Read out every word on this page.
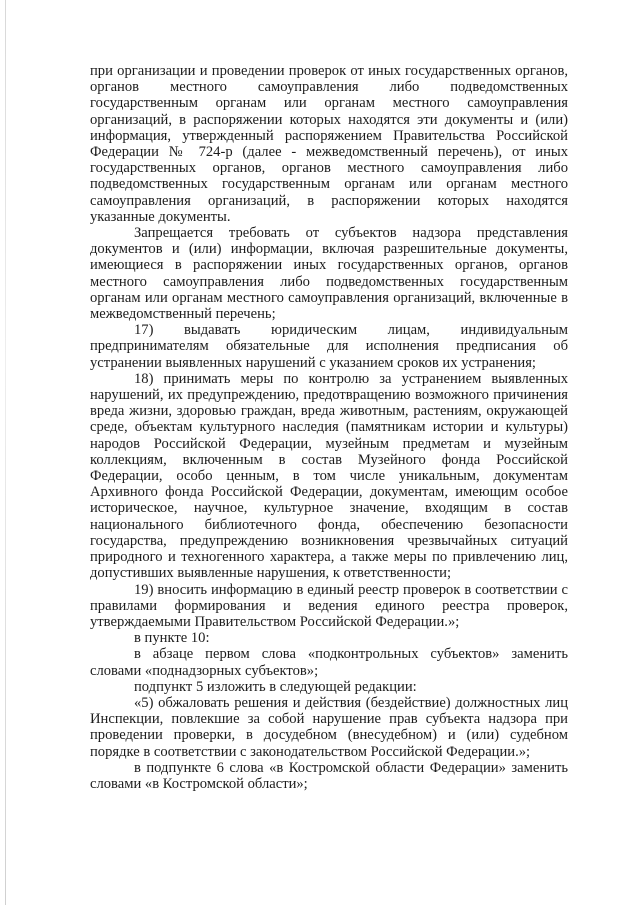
при организации и проведении проверок от иных государственных органов, органов местного самоуправления либо подведомственных государственным органам или органам местного самоуправления организаций, в распоряжении которых находятся эти документы и (или) информация, утвержденный распоряжением Правительства Российской Федерации № 724-р (далее - межведомственный перечень), от иных государственных органов, органов местного самоуправления либо подведомственных государственным органам или органам местного самоуправления организаций, в распоряжении которых находятся указанные документы.

Запрещается требовать от субъектов надзора представления документов и (или) информации, включая разрешительные документы, имеющиеся в распоряжении иных государственных органов, органов местного самоуправления либо подведомственных государственным органам или органам местного самоуправления организаций, включенные в межведомственный перечень;

17) выдавать юридическим лицам, индивидуальным предпринимателям обязательные для исполнения предписания об устранении выявленных нарушений с указанием сроков их устранения;

18) принимать меры по контролю за устранением выявленных нарушений, их предупреждению, предотвращению возможного причинения вреда жизни, здоровью граждан, вреда животным, растениям, окружающей среде, объектам культурного наследия (памятникам истории и культуры) народов Российской Федерации, музейным предметам и музейным коллекциям, включенным в состав Музейного фонда Российской Федерации, особо ценным, в том числе уникальным, документам Архивного фонда Российской Федерации, документам, имеющим особое историческое, научное, культурное значение, входящим в состав национального библиотечного фонда, обеспечению безопасности государства, предупреждению возникновения чрезвычайных ситуаций природного и техногенного характера, а также меры по привлечению лиц, допустивших выявленные нарушения, к ответственности;

19) вносить информацию в единый реестр проверок в соответствии с правилами формирования и ведения единого реестра проверок, утверждаемыми Правительством Российской Федерации.»;

в пункте 10:

в абзаце первом слова «подконтрольных субъектов» заменить словами «поднадзорных субъектов»;

подпункт 5 изложить в следующей редакции:

«5) обжаловать решения и действия (бездействие) должностных лиц Инспекции, повлекшие за собой нарушение прав субъекта надзора при проведении проверки, в досудебном (внесудебном) и (или) судебном порядке в соответствии с законодательством Российской Федерации.»;

в подпункте 6 слова «в Костромской области Федерации» заменить словами «в Костромской области»;
